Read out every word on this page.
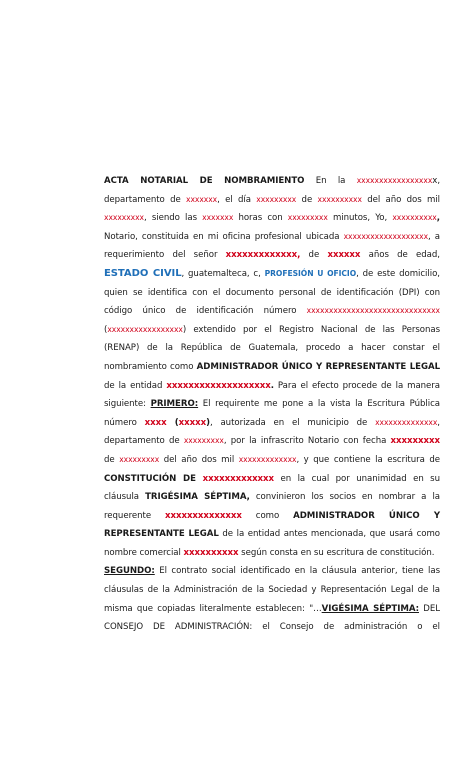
ACTA NOTARIAL DE NOMBRAMIENTO En la xxxxxxxxxxxxxxxxxx,
departamento de xxxxxxx, el día xxxxxxxxx de xxxxxxxxxx del año dos mil
xxxxxxxxx, siendo las xxxxxxx horas con xxxxxxxxx minutos, Yo, xxxxxxxxxx,
Notario, constituida en mi oficina profesional ubicada xxxxxxxxxxxxxxxxxxx, a
requerimiento del señor xxxxxxxxxxxxx, de xxxxxx años de edad,
ESTADO CIVIL, guatemalteca, c, PROFESIÓN U OFICIO, de este domicilio,
quien se identifica con el documento personal de identificación (DPI) con
código único de identificación número xxxxxxxxxxxxxxxxxxxxxxxxxxxxxx
(xxxxxxxxxxxxxxxxx) extendido por el Registro Nacional de las Personas
(RENAP) de la República de Guatemala, procedo a hacer constar el
nombramiento como ADMINISTRADOR ÚNICO Y REPRESENTANTE LEGAL
de la entidad xxxxxxxxxxxxxxxxxxx. Para el efecto procede de la manera
siguiente: PRIMERO: El requirente me pone a la vista la Escritura Pública
número xxxx (xxxxx), autorizada en el municipio de xxxxxxxxxxxxxx,
departamento de xxxxxxxxx, por la infrascrito Notario con fecha xxxxxxxxx
de xxxxxxxxx del año dos mil xxxxxxxxxxxxx, y que contiene la escritura de
CONSTITUCIÓN DE xxxxxxxxxxxxx en la cual por unanimidad en su
cláusula TRIGÉSIMA SÉPTIMA, convinieron los socios en nombrar a la
requerente xxxxxxxxxxxxxx como ADMINISTRADOR ÚNICO Y
REPRESENTANTE LEGAL de la entidad antes mencionada, que usará como
nombre comercial xxxxxxxxxx según consta en su escritura de constitución.
SEGUNDO: El contrato social identificado en la cláusula anterior, tiene las
cláusulas de la Administración de la Sociedad y Representación Legal de la
misma que copiadas literalmente establecen: "…VIGÉSIMA SÉPTIMA: DEL
CONSEJO DE ADMINISTRACIÓN: el Consejo de administración o el
